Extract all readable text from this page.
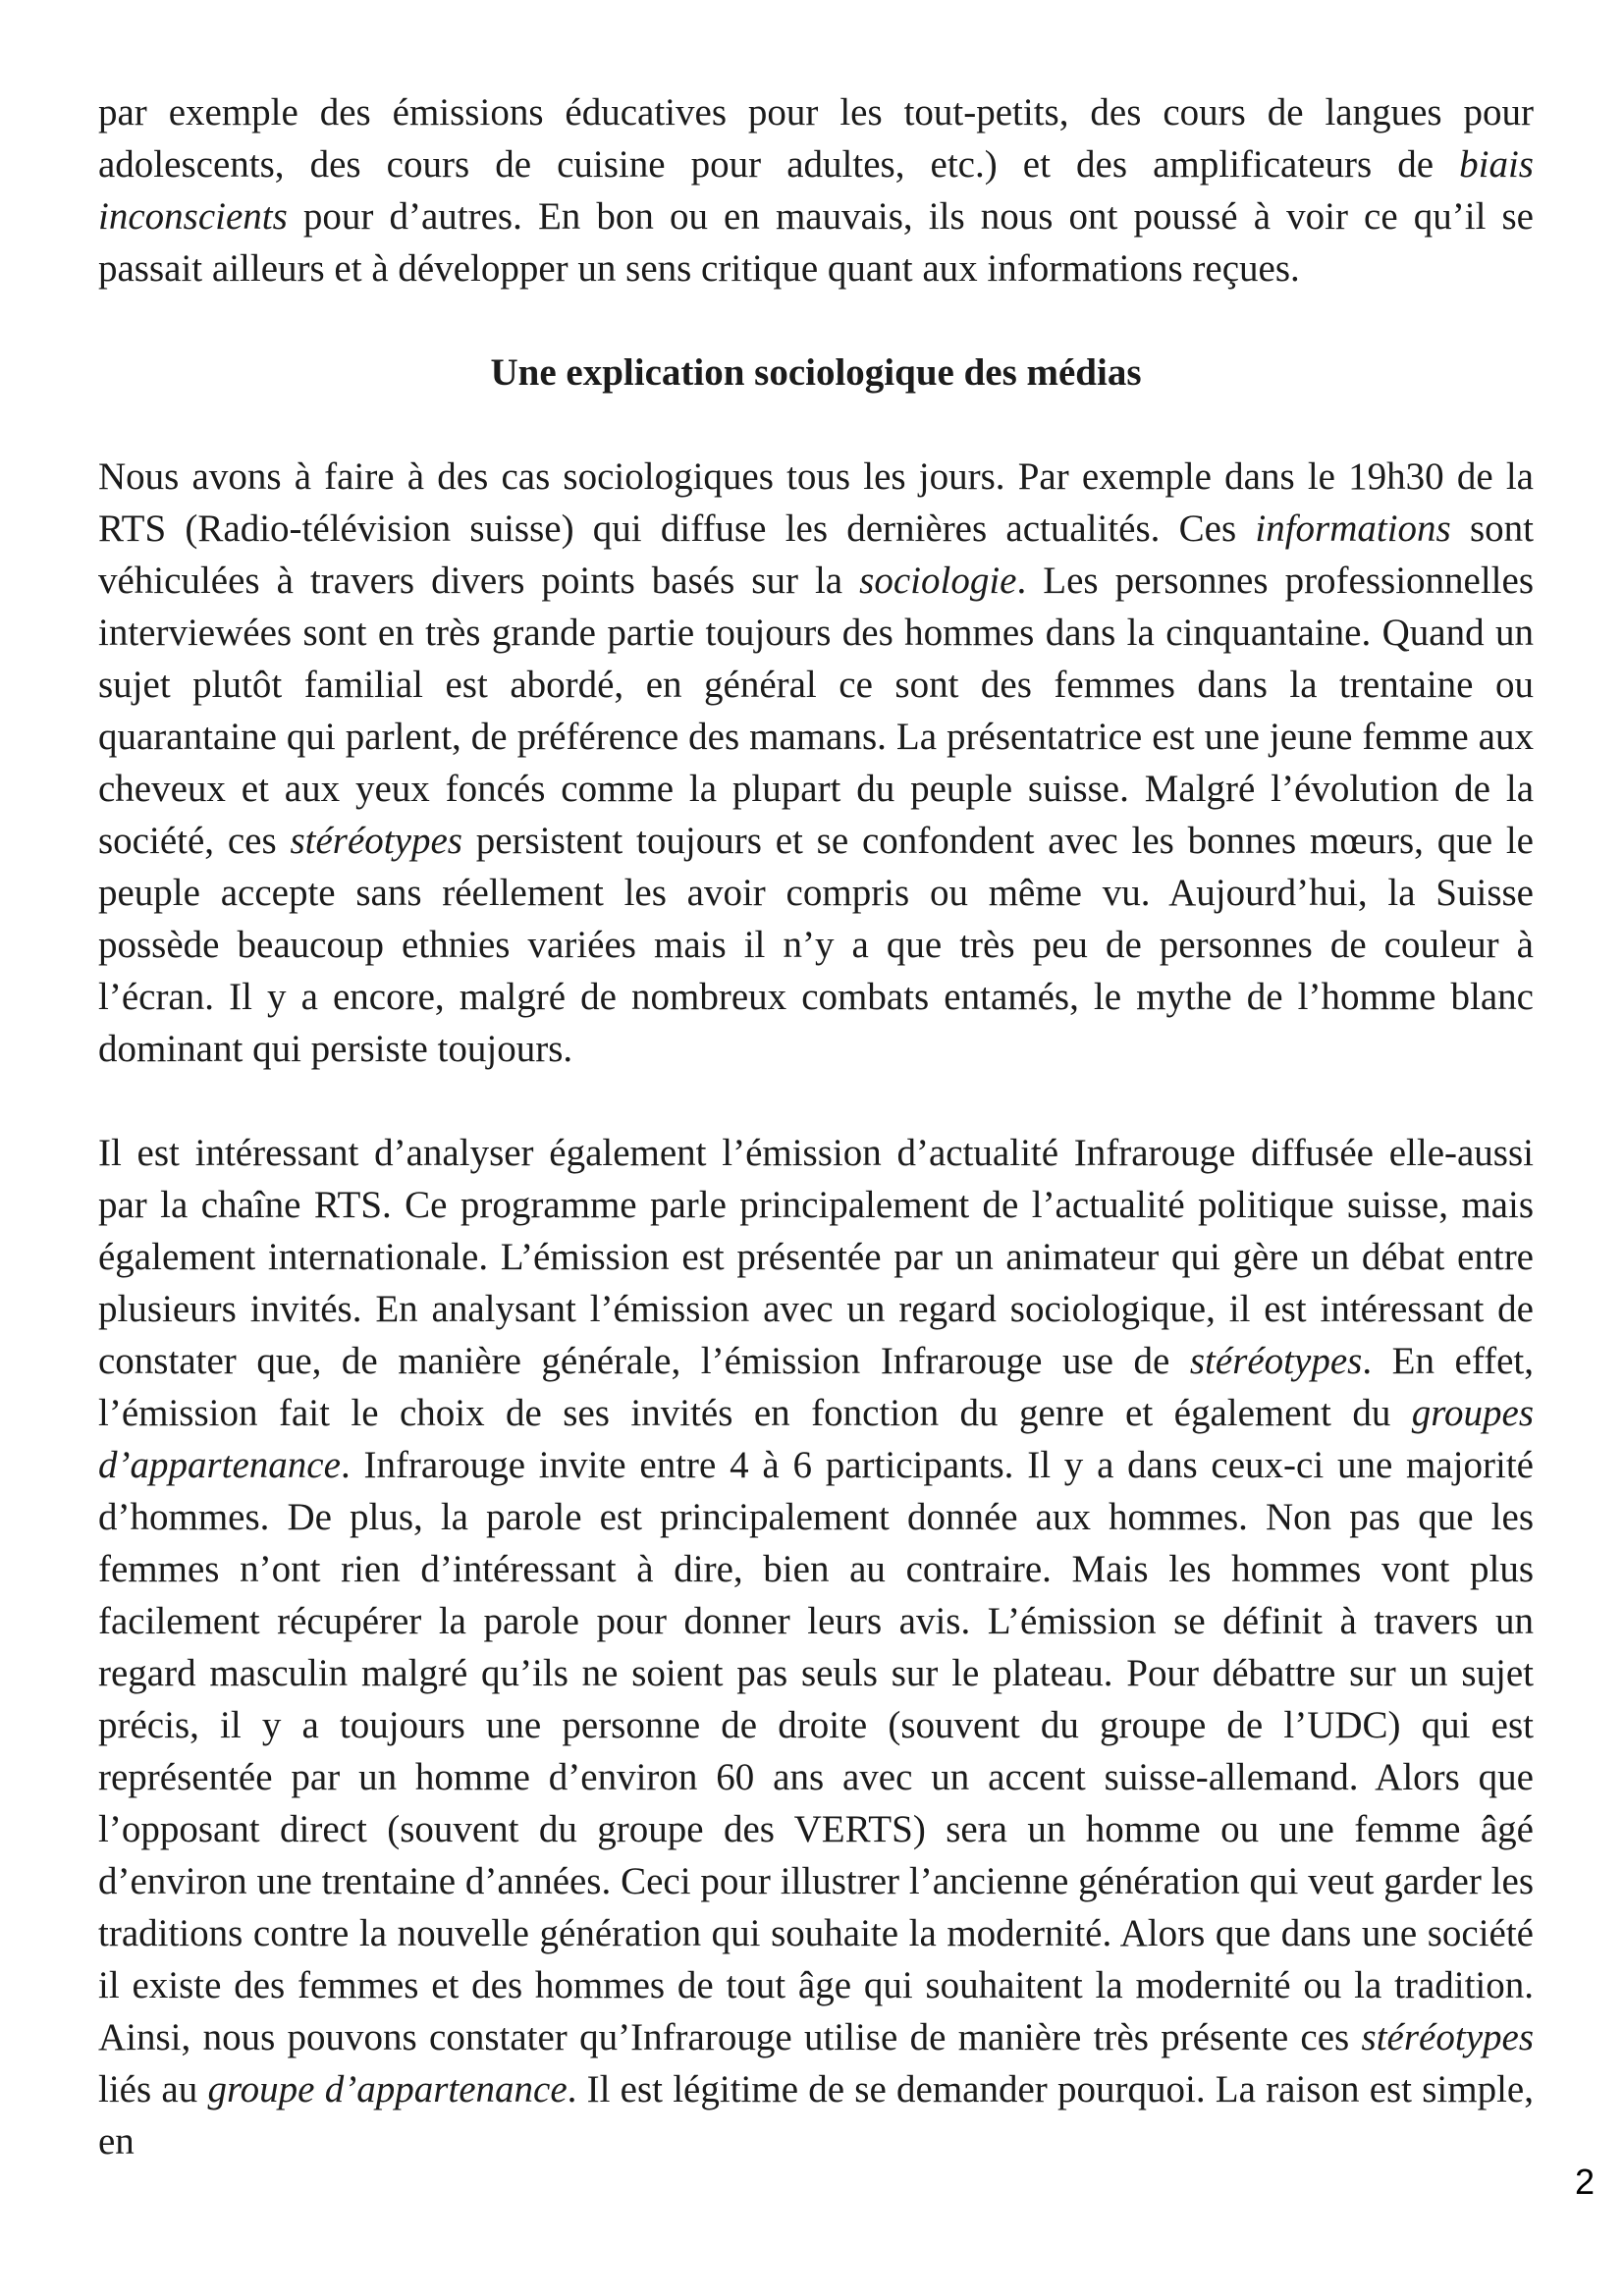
par exemple des émissions éducatives pour les tout-petits, des cours de langues pour adolescents, des cours de cuisine pour adultes, etc.) et des amplificateurs de biais inconscients pour d’autres. En bon ou en mauvais, ils nous ont poussé à voir ce qu’il se passait ailleurs et à développer un sens critique quant aux informations reçues.

Une explication sociologique des médias

Nous avons à faire à des cas sociologiques tous les jours. Par exemple dans le 19h30 de la RTS (Radio-télévision suisse) qui diffuse les dernières actualités. Ces informations sont véhiculées à travers divers points basés sur la sociologie. Les personnes professionnelles interviewées sont en très grande partie toujours des hommes dans la cinquantaine. Quand un sujet plutôt familial est abordé, en général ce sont des femmes dans la trentaine ou quarantaine qui parlent, de préférence des mamans. La présentatrice est une jeune femme aux cheveux et aux yeux foncés comme la plupart du peuple suisse. Malgré l’évolution de la société, ces stéréotypes persistent toujours et se confondent avec les bonnes mœurs, que le peuple accepte sans réellement les avoir compris ou même vu. Aujourd’hui, la Suisse possède beaucoup ethnies variées mais il n’y a que très peu de personnes de couleur à l’écran. Il y a encore, malgré de nombreux combats entamés, le mythe de l’homme blanc dominant qui persiste toujours.

Il est intéressant d’analyser également l’émission d’actualité Infrarouge diffusée elle-aussi par la chaîne RTS. Ce programme parle principalement de l’actualité politique suisse, mais également internationale. L’émission est présentée par un animateur qui gère un débat entre plusieurs invités. En analysant l’émission avec un regard sociologique, il est intéressant de constater que, de manière générale, l’émission Infrarouge use de stéréotypes. En effet, l’émission fait le choix de ses invités en fonction du genre et également du groupes d’appartenance. Infrarouge invite entre 4 à 6 participants. Il y a dans ceux-ci une majorité d’hommes. De plus, la parole est principalement donnée aux hommes. Non pas que les femmes n’ont rien d’intéressant à dire, bien au contraire. Mais les hommes vont plus facilement récupérer la parole pour donner leurs avis. L’émission se définit à travers un regard masculin malgré qu’ils ne soient pas seuls sur le plateau. Pour débattre sur un sujet précis, il y a toujours une personne de droite (souvent du groupe de l’UDC) qui est représentée par un homme d’environ 60 ans avec un accent suisse-allemand. Alors que l’opposant direct (souvent du groupe des VERTS) sera un homme ou une femme âgé d’environ une trentaine d’années. Ceci pour illustrer l’ancienne génération qui veut garder les traditions contre la nouvelle génération qui souhaite la modernité. Alors que dans une société il existe des femmes et des hommes de tout âge qui souhaitent la modernité ou la tradition. Ainsi, nous pouvons constater qu’Infrarouge utilise de manière très présente ces stéréotypes liés au groupe d’appartenance. Il est légitime de se demander pourquoi. La raison est simple, en

2
